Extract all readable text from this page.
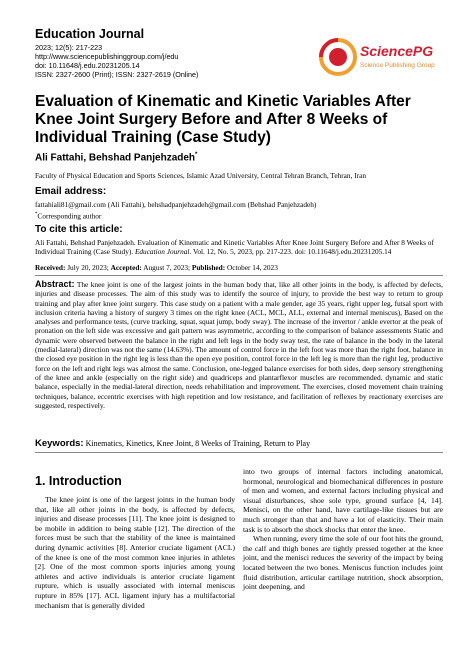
Education Journal
2023; 12(5): 217-223
http://www.sciencepublishinggroup.com/j/edu
doi: 10.11648/j.edu.20231205.14
ISSN: 2327-2600 (Print); ISSN: 2327-2619 (Online)
SciencePG
Science Publishing Group
Evaluation of Kinematic and Kinetic Variables After Knee Joint Surgery Before and After 8 Weeks of Individual Training (Case Study)
Ali Fattahi, Behshad Panjehzadeh*
Faculty of Physical Education and Sports Sciences, Islamic Azad University, Central Tehran Branch, Tehran, Iran
Email address:
fattahiali81@gmail.com (Ali Fattahi), behshadpanjehzadeh@gmail.com (Behshad Panjehzadeh)
*Corresponding author
To cite this article:
Ali Fattahi, Behshad Panjehzadeh. Evaluation of Kinematic and Kinetic Variables After Knee Joint Surgery Before and After 8 Weeks of Individual Training (Case Study). Education Journal. Vol. 12, No. 5, 2023, pp. 217-223. doi: 10.11648/j.edu.20231205.14
Received: July 20, 2023; Accepted: August 7, 2023; Published: October 14, 2023
Abstract: The knee joint is one of the largest joints in the human body that, like all other joints in the body, is affected by defects, injuries and disease processes. The aim of this study was to identify the source of injury, to provide the best way to return to group training and play after knee joint surgery. This case study on a patient with a male gender, age 35 years, right upper leg, futsal sport with inclusion criteria having a history of surgery 3 times on the right knee (ACL, MCL, ALL, external and internal meniscus), Based on the analyses and performance tests, (curve tracking, squat, squat jump, body sway). The increase of the invertor / ankle evertor at the peak of pronation on the left side was excessive and gait pattern was asymmetric, according to the comparison of balance assessments Static and dynamic were observed between the balance in the right and left legs in the body sway test, the rate of balance in the body in the lateral (medial-lateral) direction was not the same (14.63%). The amount of control force in the left foot was more than the right foot, balance in the closed eye position in the right leg is less than the open eye position, control force in the left leg is more than the right leg, productive force on the left and right legs was almost the same. Conclusion, one-legged balance exercises for both sides, deep sensory strengthening of the knee and ankle (especially on the right side) and quadriceps and plantarflexor muscles are recommended. dynamic and static balance, especially in the medial-lateral direction, needs rehabilitation and improvement. The exercises, closed movement chain training techniques, balance, eccentric exercises with high repetition and low resistance, and facilitation of reflexes by reactionary exercises are suggested, respectively.
Keywords: Kinematics, Kinetics, Knee Joint, 8 Weeks of Training, Return to Play
1. Introduction
The knee joint is one of the largest joints in the human body that, like all other joints in the body, is affected by defects, injuries and disease processes [11]. The knee joint is designed to be mobile in addition to being stable [12]. The direction of the forces must be such that the stability of the knee is maintained during dynamic activities [8]. Anterior cruciate ligament (ACL) of the knee is one of the most common knee injuries in athletes [2]. One of the most common sports injuries among young athletes and active individuals is anterior cruciate ligament rupture, which is usually associated with internal meniscus rupture in 85% [17]. ACL ligament injury has a multifactorial mechanism that is generally divided
into two groups of internal factors including anatomical, hormonal, neurological and biomechanical differences in posture of men and women, and external factors including physical and visual disturbances, shoe sole type, ground surface [4, 14]. Menisci, on the other hand, have cartilage-like tissues but are much stronger than that and have a lot of elasticity. Their main task is to absorb the shock shocks that enter the knee.
When running, every time the sole of our foot hits the ground, the calf and thigh bones are tightly pressed together at the knee joint, and the menisci reduces the severity of the impact by being located between the two bones. Meniscus function includes joint fluid distribution, articular cartilage nutrition, shock absorption, joint deepening, and
